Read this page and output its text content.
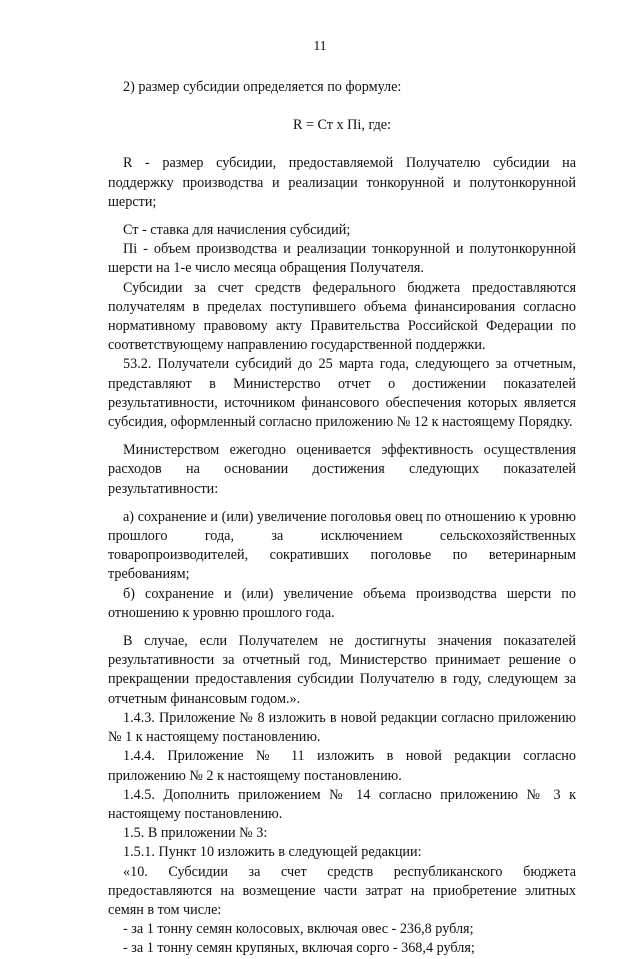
11

2) размер субсидии определяется по формуле:

R = Ст х Пi, где:

R - размер субсидии, предоставляемой Получателю субсидии на поддержку производства и реализации тонкорунной и полутонкорунной шерсти;

Ст - ставка для начисления субсидий;

Пi - объем производства и реализации тонкорунной и полутонкорунной шерсти на 1-е число месяца обращения Получателя.

Субсидии за счет средств федерального бюджета предоставляются получателям в пределах поступившего объема финансирования согласно нормативному правовому акту Правительства Российской Федерации по соответствующему направлению государственной поддержки.

53.2. Получатели субсидий до 25 марта года, следующего за отчетным, представляют в Министерство отчет о достижении показателей результативности, источником финансового обеспечения которых является субсидия, оформленный согласно приложению № 12 к настоящему Порядку.

Министерством ежегодно оценивается эффективность осуществления расходов на основании достижения следующих показателей результативности:

а) сохранение и (или) увеличение поголовья овец по отношению к уровню прошлого года, за исключением сельскохозяйственных товаропроизводителей, сокративших поголовье по ветеринарным требованиям;

б) сохранение и (или) увеличение объема производства шерсти по отношению к уровню прошлого года.

В случае, если Получателем не достигнуты значения показателей результативности за отчетный год, Министерство принимает решение о прекращении предоставления субсидии Получателю в году, следующем за отчетным финансовым годом.».

1.4.3. Приложение № 8 изложить в новой редакции согласно приложению № 1 к настоящему постановлению.

1.4.4. Приложение № 11 изложить в новой редакции согласно приложению № 2 к настоящему постановлению.

1.4.5. Дополнить приложением № 14 согласно приложению № 3 к настоящему постановлению.

1.5. В приложении № 3:

1.5.1. Пункт 10 изложить в следующей редакции:

«10. Субсидии за счет средств республиканского бюджета предоставляются на возмещение части затрат на приобретение элитных семян в том числе:

- за 1 тонну семян колосовых, включая овес - 236,8 рубля;

- за 1 тонну семян крупяных, включая сорго - 368,4 рубля;
